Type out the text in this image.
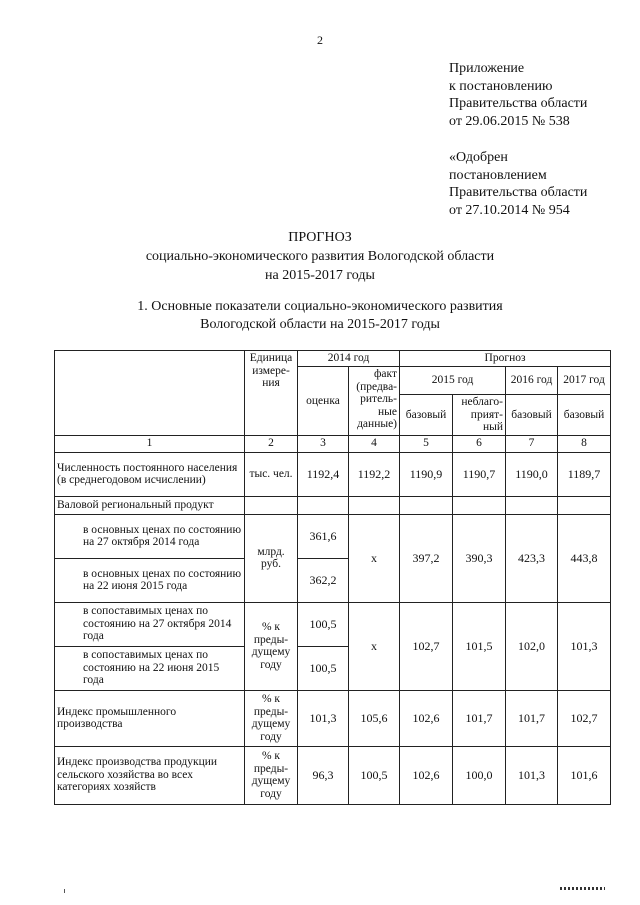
2
Приложение
к постановлению
Правительства области
от 29.06.2015 № 538
«Одобрен
постановлением
Правительства области
от 27.10.2014 № 954
ПРОГНОЗ
социально-экономического развития Вологодской области
на 2015-2017 годы
1. Основные показатели социально-экономического развития
Вологодской области на 2015-2017 годы
	Единица измере-ния	2014 год		Прогноз			
		оценка	факт (предва-ритель-ные данные)	2015 год		2016 год	2017 год
				базовый	неблаго-прият-ный	базовый	базовый

1	2	3	4	5	6	7	8
Численность постоянного населения (в среднегодовом исчислении)	тыс. чел.	1192,4	1192,2	1190,9	1190,7	1190,0	1189,7
Валовой региональный продукт							
в основных ценах по состоянию на 27 октября 2014 года	млрд. руб.	361,6	х	397,2	390,3	423,3	443,8
в основных ценах по состоянию на 22 июня 2015 года		362,2					
в сопоставимых ценах по состоянию на 27 октября 2014 года	% к преды-дущему году	100,5	х	102,7	101,5	102,0	101,3
в сопоставимых ценах по состоянию на 22 июня 2015 года		100,5					
Индекс промышленного производства	% к преды-дущему году	101,3	105,6	102,6	101,7	101,7	102,7
Индекс производства продукции сельского хозяйства во всех категориях хозяйств	% к преды-дущему году	96,3	100,5	102,6	100,0	101,3	101,6
